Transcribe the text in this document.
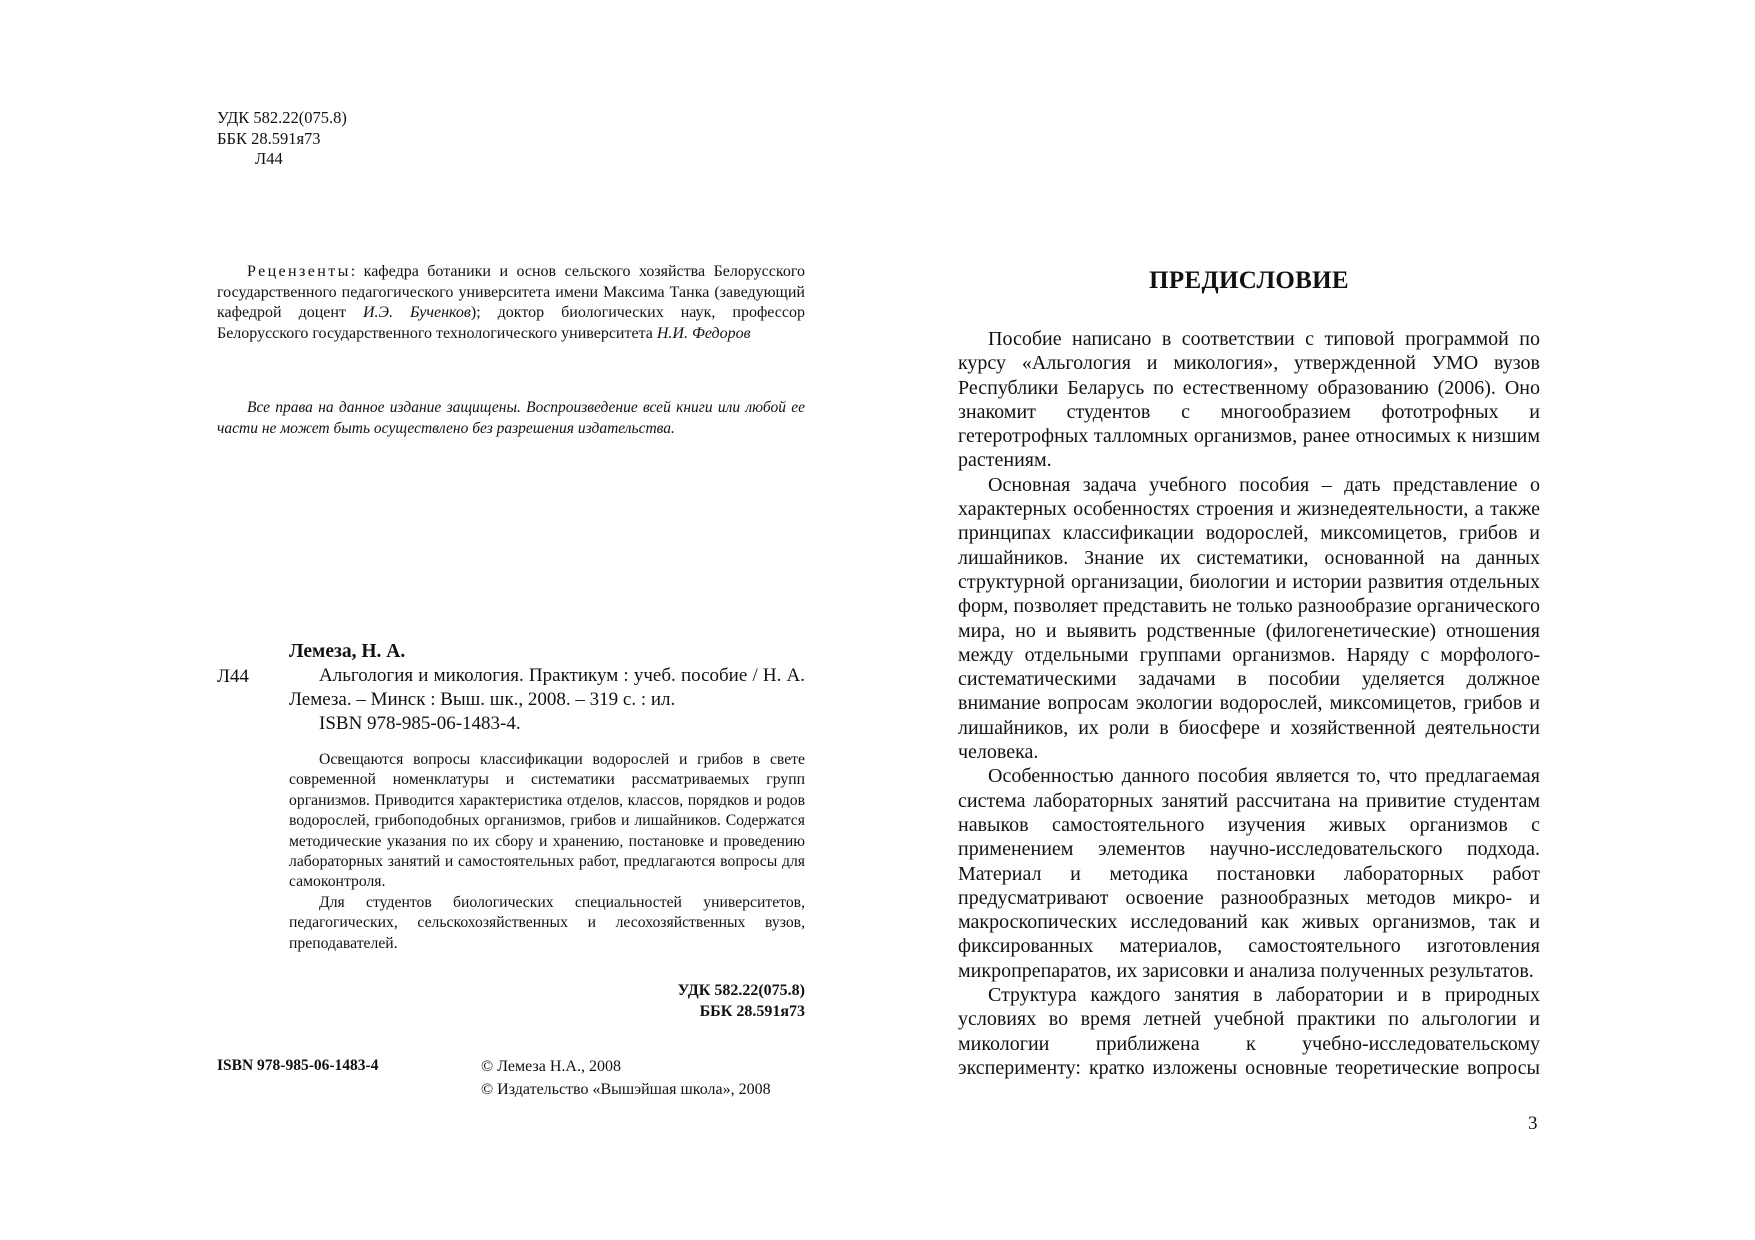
УДК 582.22(075.8)
ББК 28.591я73
Л44
Рецензенты: кафедра ботаники и основ сельского хозяйства Белорусского государственного педагогического университета имени Максима Танка (заведующий кафедрой доцент И.Э. Бученков); доктор биологических наук, профессор Белорусского государственного технологического университета Н.И. Федоров
Все права на данное издание защищены. Воспроизведение всей книги или любой ее части не может быть осуществлено без разрешения издательства.
Лемеза, Н. А.
Л44	Альгология и микология. Практикум : учеб. пособие / Н. А. Лемеза. – Минск : Выш. шк., 2008. – 319 с. : ил.
ISBN 978-985-06-1483-4.

Освещаются вопросы классификации водорослей и грибов в свете современной номенклатуры и систематики рассматриваемых групп организмов. Приводится характеристика отделов, классов, порядков и родов водорослей, грибоподобных организмов, грибов и лишайников. Содержатся методические указания по их сбору и хранению, постановке и проведению лабораторных занятий и самостоятельных работ, предлагаются вопросы для самоконтроля.

Для студентов биологических специальностей университетов, педагогических, сельскохозяйственных и лесохозяйственных вузов, преподавателей.

УДК 582.22(075.8)
ББК 28.591я73
ISBN 978-985-06-1483-4	© Лемеза Н.А., 2008
© Издательство «Вышэйшая школа», 2008
ПРЕДИСЛОВИЕ

Пособие написано в соответствии с типовой программой по курсу «Альгология и микология», утвержденной УМО вузов Республики Беларусь по естественному образованию (2006). Оно знакомит студентов с многообразием фототрофных и гетеротрофных талломных организмов, ранее относимых к низшим растениям.

Основная задача учебного пособия – дать представление о характерных особенностях строения и жизнедеятельности, а также принципах классификации водорослей, миксомицетов, грибов и лишайников. Знание их систематики, основанной на данных структурной организации, биологии и истории развития отдельных форм, позволяет представить не только разнообразие органического мира, но и выявить родственные (филогенетические) отношения между отдельными группами организмов. Наряду с морфолого-систематическими задачами в пособии уделяется должное внимание вопросам экологии водорослей, миксомицетов, грибов и лишайников, их роли в биосфере и хозяйственной деятельности человека.

Особенностью данного пособия является то, что предлагаемая система лабораторных занятий рассчитана на привитие студентам навыков самостоятельного изучения живых организмов с применением элементов научно-исследовательского подхода. Материал и методика постановки лабораторных работ предусматривают освоение разнообразных методов микро- и макроскопических исследований как живых организмов, так и фиксированных материалов, самостоятельного изготовления микропрепаратов, их зарисовки и анализа полученных результатов.

Структура каждого занятия в лаборатории и в природных условиях во время летней учебной практики по альгологии и микологии приближена к учебно-исследовательскому эксперименту: кратко изложены основные теоретические вопросы

3
